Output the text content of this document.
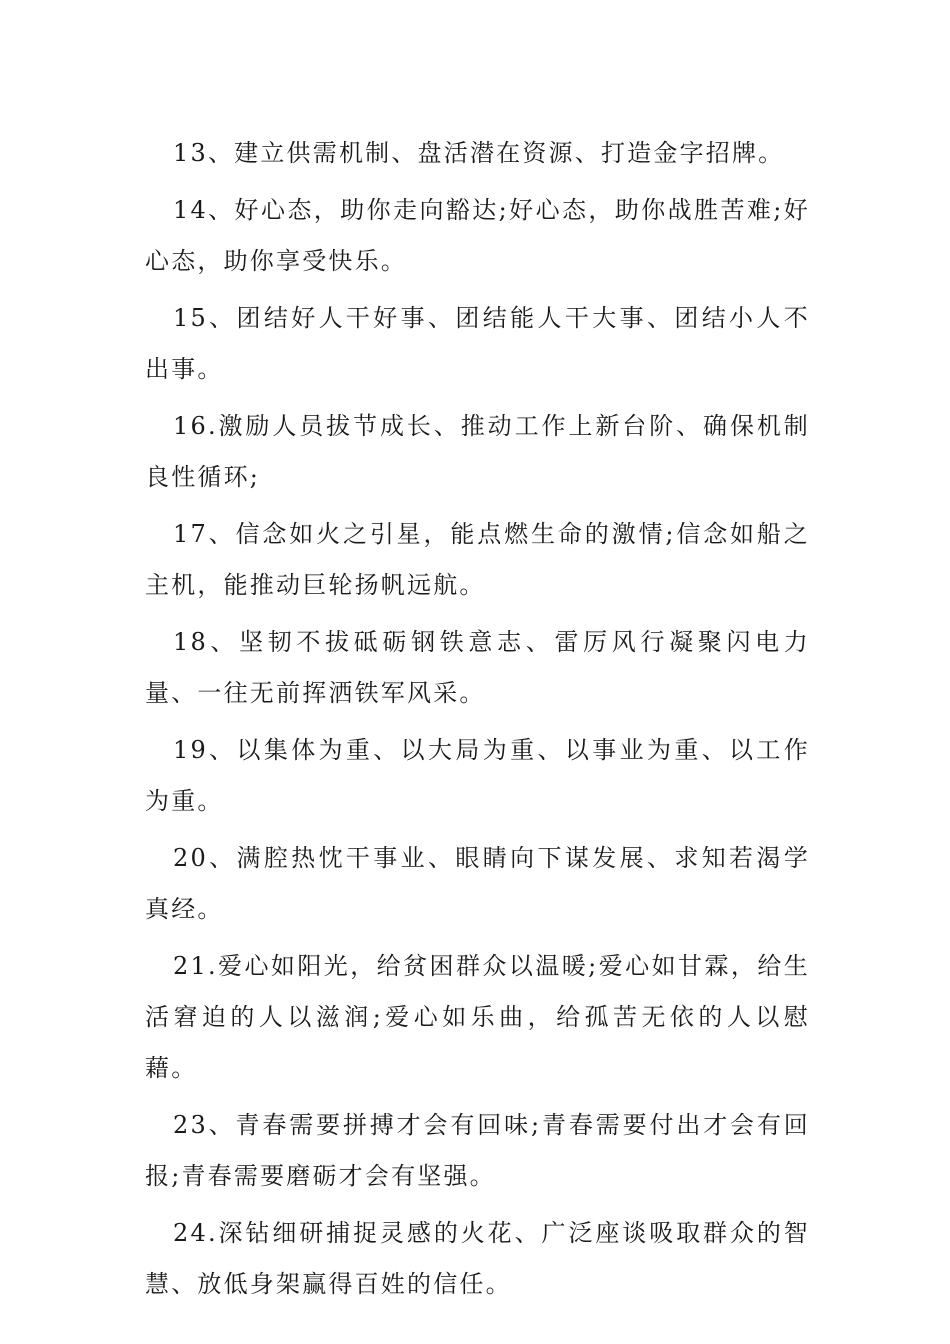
13、建立供需机制、盘活潜在资源、打造金字招牌。

14、好心态，助你走向豁达;好心态，助你战胜苦难;好心态，助你享受快乐。

15、团结好人干好事、团结能人干大事、团结小人不出事。

16.激励人员拔节成长、推动工作上新台阶、确保机制良性循环;

17、信念如火之引星，能点燃生命的激情;信念如船之主机，能推动巨轮扬帆远航。

18、坚韧不拔砥砺钢铁意志、雷厉风行凝聚闪电力量、一往无前挥洒铁军风采。

19、以集体为重、以大局为重、以事业为重、以工作为重。

20、满腔热忱干事业、眼睛向下谋发展、求知若渴学真经。

21.爱心如阳光，给贫困群众以温暖;爱心如甘霖，给生活窘迫的人以滋润;爱心如乐曲，给孤苦无依的人以慰藉。

23、青春需要拼搏才会有回味;青春需要付出才会有回报;青春需要磨砺才会有坚强。

24.深钻细研捕捉灵感的火花、广泛座谈吸取群众的智慧、放低身架赢得百姓的信任。
